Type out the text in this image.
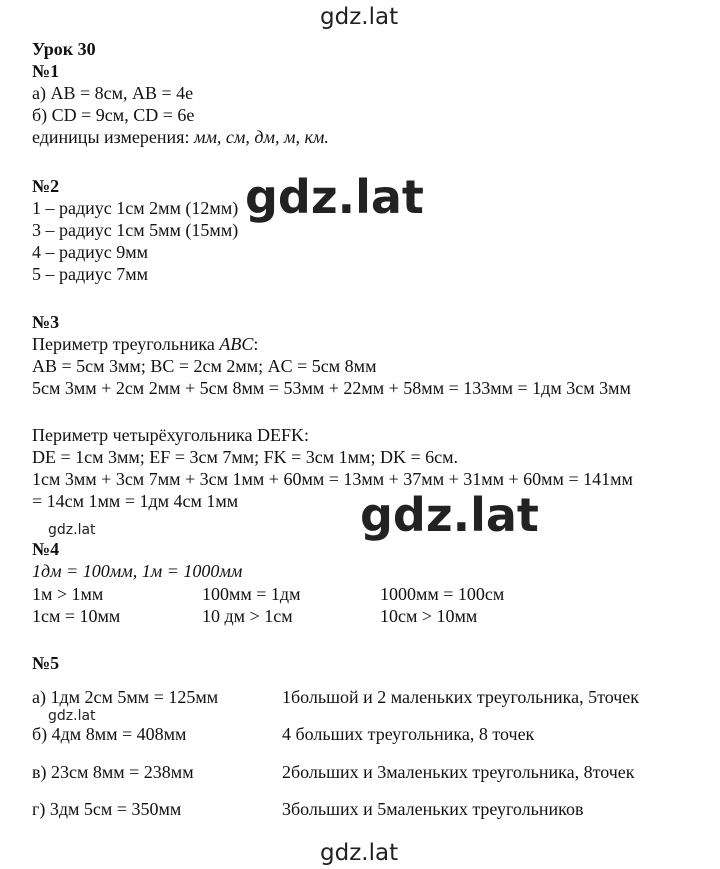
gdz.lat
Урок 30
№1
а) AB = 8см, AB = 4е
б) CD = 9см, CD = 6е
единицы измерения: мм, см, дм, м, км.
№2
1 – радиус 1см 2мм (12мм)
3 – радиус 1см 5мм (15мм)
4 – радиус 9мм
5 – радиус 7мм
gdz.lat
№3
Периметр треугольника ABC:
AB = 5см 3мм; BC = 2см 2мм; AC = 5см 8мм
5см 3мм + 2см 2мм + 5см 8мм = 53мм + 22мм + 58мм = 133мм = 1дм 3см 3мм
Периметр четырёхугольника DEFK:
DE = 1см 3мм; EF = 3см 7мм; FK = 3см 1мм; DK = 6см.
1см 3мм + 3см 7мм + 3см 1мм + 60мм = 13мм + 37мм + 31мм + 60мм = 141мм
= 14см 1мм = 1дм 4см 1мм	gdz.lat
gdz.lat
№4
1дм = 100мм, 1м = 1000мм
1м > 1мм	100мм = 1дм	1000мм = 100см
1см = 10мм	10 дм > 1см	10см > 10мм
№5
а) 1дм 2см 5мм = 125мм	1большой и 2 маленьких треугольника, 5точек
б) 4дм 8мм = 408мм	4 больших треугольника, 8 точек
в) 23см 8мм = 238мм	2больших и 3маленьких треугольника, 8точек
г) 3дм 5см = 350мм	3больших и 5маленьких треугольников
gdz.lat
gdz.lat
